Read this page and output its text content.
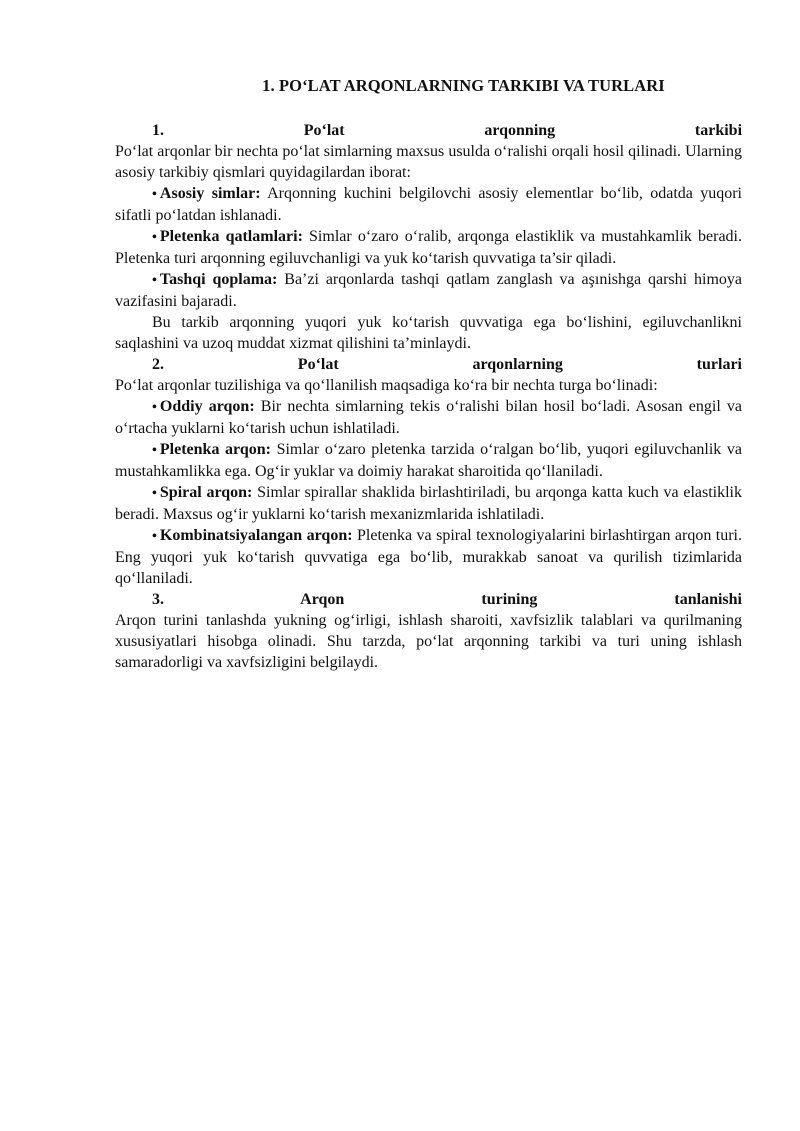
1. PO‘LAT ARQONLARNING TARKIBI VA TURLARI
1.	Po‘lat	arqonning	tarkibi

Po‘lat arqonlar bir nechta po‘lat simlarning maxsus usulda o‘ralishi orqali hosil qilinadi. Ularning asosiy tarkibiy qismlari quyidagilardan iborat:

• Asosiy simlar: Arqonning kuchini belgilovchi asosiy elementlar bo‘lib, odatda yuqori sifatli po‘latdan ishlanadi.

• Pletenka qatlamlari: Simlar o‘zaro o‘ralib, arqonga elastiklik va mustahkamlik beradi. Pletenka turi arqonning egiluvchanligi va yuk ko‘tarish quvvatiga ta’sir qiladi.

• Tashqi qoplama: Ba’zi arqonlarda tashqi qatlam zanglash va aşınishga qarshi himoya vazifasini bajaradi.

Bu tarkib arqonning yuqori yuk ko‘tarish quvvatiga ega bo‘lishini, egiluvchanlikni saqlashini va uzoq muddat xizmat qilishini ta’minlaydi.

2.	Po‘lat	arqonlarning	turlari

Po‘lat arqonlar tuzilishiga va qo‘llanilish maqsadiga ko‘ra bir nechta turga bo‘linadi:

• Oddiy arqon: Bir nechta simlarning tekis o‘ralishi bilan hosil bo‘ladi. Asosan engil va o‘rtacha yuklarni ko‘tarish uchun ishlatiladi.

• Pletenka arqon: Simlar o‘zaro pletenka tarzida o‘ralgan bo‘lib, yuqori egiluvchanlik va mustahkamlikka ega. Og‘ir yuklar va doimiy harakat sharoitida qo‘llaniladi.

• Spiral arqon: Simlar spirallar shaklida birlashtiriladi, bu arqonga katta kuch va elastiklik beradi. Maxsus og‘ir yuklarni ko‘tarish mexanizmlarida ishlatiladi.

• Kombinatsiyalangan arqon: Pletenka va spiral texnologiyalarini birlashtirgan arqon turi. Eng yuqori yuk ko‘tarish quvvatiga ega bo‘lib, murakkab sanoat va qurilish tizimlarida qo‘llaniladi.

3.	Arqon	turining	tanlanishi

Arqon turini tanlashda yukning og‘irligi, ishlash sharoiti, xavfsizlik talablari va qurilmaning xususiyatlari hisobga olinadi. Shu tarzda, po‘lat arqonning tarkibi va turi uning ishlash samaradorligi va xavfsizligini belgilaydi.
